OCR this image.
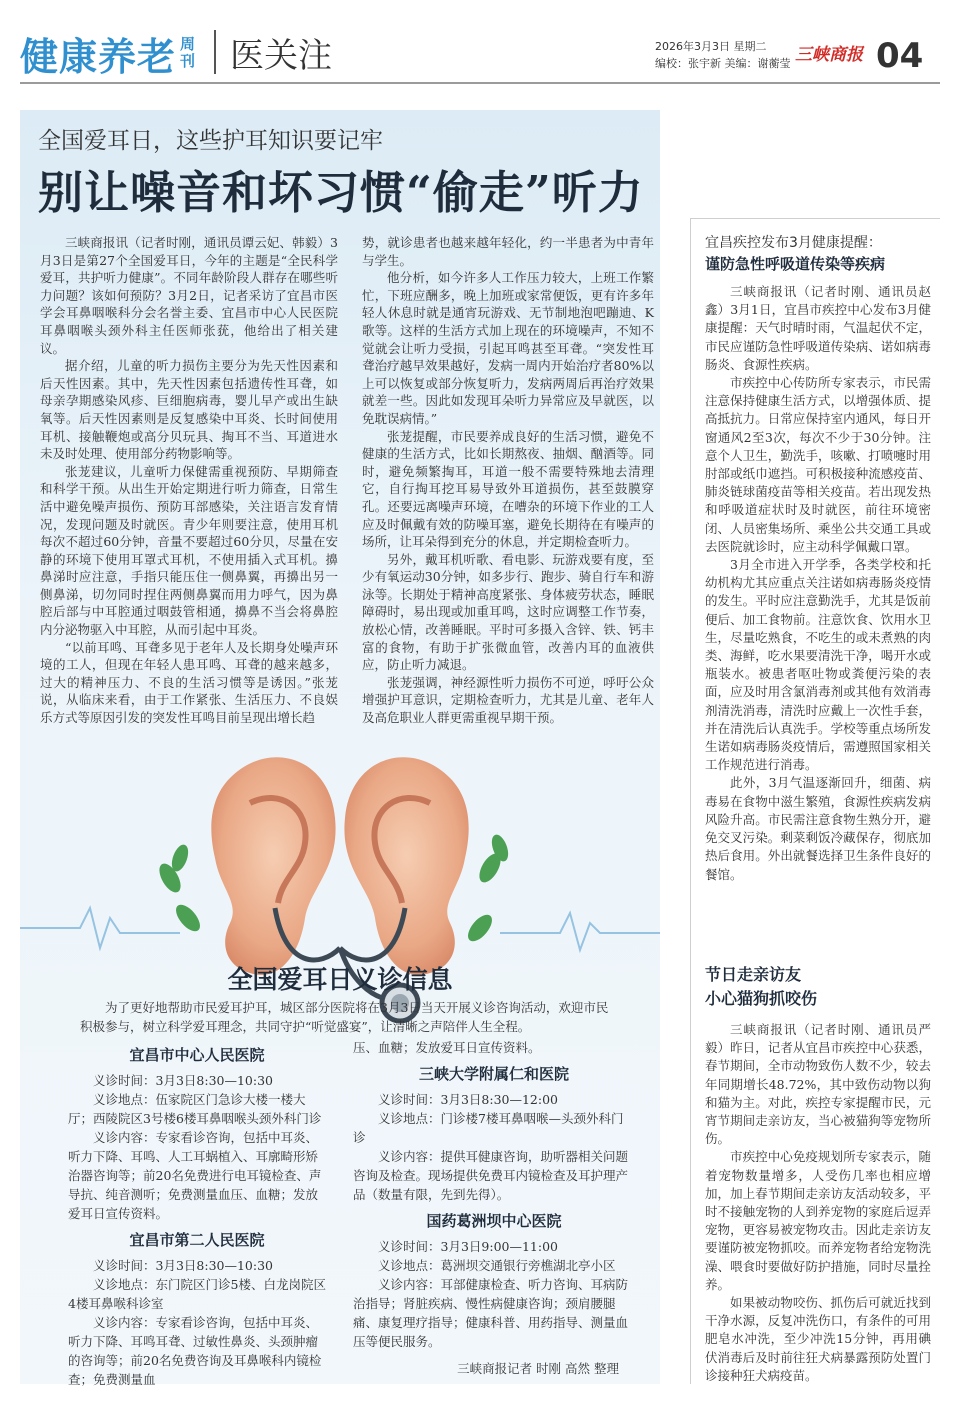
健康养老 周刊 医关注	2026年3月3日 星期二
编校：张宇新 美编：谢蘅莹 三峡商报 04
全国爱耳日，这些护耳知识要记牢
别让噪音和坏习惯“偷走”听力

三峡商报讯（记者时刚，通讯员谭云妃、韩毅）3月3日是第27个全国爱耳日，今年的主题是“全民科学爱耳，共护听力健康”。不同年龄阶段人群存在哪些听力问题？该如何预防？3月2日，记者采访了宜昌市医学会耳鼻咽喉科分会名誉主委、宜昌市中心人民医院耳鼻咽喉头颈外科主任医师张莸，他给出了相关建议。

据介绍，儿童的听力损伤主要分为先天性因素和后天性因素。其中，先天性因素包括遗传性耳聋，如母亲孕期感染风疹、巨细胞病毒，婴儿早产或出生缺氧等。后天性因素则是反复感染中耳炎、长时间使用耳机、接触鞭炮或高分贝玩具、掏耳不当、耳道进水未及时处理、使用部分药物影响等。

张茏建议，儿童听力保健需重视预防、早期筛查和科学干预。从出生开始定期进行听力筛查，日常生活中避免噪声损伤、预防耳部感染，关注语言发育情况，发现问题及时就医。青少年则要注意，使用耳机每次不超过60分钟，音量不要超过60分贝，尽量在安静的环境下使用耳罩式耳机，不使用插入式耳机。擤鼻涕时应注意，手指只能压住一侧鼻翼，再擤出另一侧鼻涕，切勿同时捏住两侧鼻翼而用力呼气，因为鼻腔后部与中耳腔通过咽鼓管相通，擤鼻不当会将鼻腔内分泌物驱入中耳腔，从而引起中耳炎。

“以前耳鸣、耳聋多见于老年人及长期身处噪声环境的工人，但现在年轻人患耳鸣、耳聋的越来越多，过大的精神压力、不良的生活习惯等是诱因。”张茏说，从临床来看，由于工作紧张、生活压力、不良娱乐方式等原因引发的突发性耳鸣目前呈现出增长趋

势，就诊患者也越来越年轻化，约一半患者为中青年与学生。

他分析，如今许多人工作压力较大，上班工作繁忙，下班应酬多，晚上加班或家常便饭，更有许多年轻人休息时就是通宵玩游戏、无节制地泡吧蹦迪、K歌等。这样的生活方式加上现在的环境噪声，不知不觉就会让听力受损，引起耳鸣甚至耳聋。“突发性耳聋治疗越早效果越好，发病一周内开始治疗者80%以上可以恢复或部分恢复听力，发病两周后再治疗效果就差一些。因此如发现耳朵听力异常应及早就医，以免耽误病情。”

张茏提醒，市民要养成良好的生活习惯，避免不健康的生活方式，比如长期熬夜、抽烟、酗酒等。同时，避免频繁掏耳，耳道一般不需要特殊地去清理它，自行掏耳挖耳易导致外耳道损伤，甚至鼓膜穿孔。还要远离噪声环境，在嘈杂的环境下作业的工人应及时佩戴有效的防噪耳塞，避免长期待在有噪声的场所，让耳朵得到充分的休息，并定期检查听力。

另外，戴耳机听歌、看电影、玩游戏要有度，至少有氧运动30分钟，如多步行、跑步、骑自行车和游泳等。长期处于精神高度紧张、身体疲劳状态，睡眠障碍时，易出现或加重耳鸣，这时应调整工作节奏，放松心情，改善睡眠。平时可多摄入含锌、铁、钙丰富的食物，有助于扩张微血管，改善内耳的血液供应，防止听力减退。

张茏强调，神经源性听力损伤不可逆，呼吁公众增强护耳意识，定期检查听力，尤其是儿童、老年人及高危职业人群更需重视早期干预。

全国爱耳日义诊信息

为了更好地帮助市民爱耳护耳，城区部分医院将在3月3日当天开展义诊咨询活动，欢迎市民积极参与，树立科学爱耳理念，共同守护“听觉盛宴”，让清晰之声陪伴人生全程。

宜昌市中心人民医院

义诊时间：3月3日8:30—10:30

义诊地点：伍家院区门急诊大楼一楼大厅；西陵院区3号楼6楼耳鼻咽喉头颈外科门诊

义诊内容：专家看诊咨询，包括中耳炎、听力下降、耳鸣、人工耳蜗植入、耳廓畸形矫治器咨询等；前20名免费进行电耳镜检查、声导抗、纯音测听；免费测量血压、血糖；发放爱耳日宣传资料。

宜昌市第二人民医院

义诊时间：3月3日8:30—10:30

义诊地点：东门院区门诊5楼、白龙岗院区4楼耳鼻喉科诊室

义诊内容：专家看诊咨询，包括中耳炎、听力下降、耳鸣耳聋、过敏性鼻炎、头颈肿瘤的咨询等；前20名免费咨询及耳鼻喉科内镜检查；免费测量血

压、血糖；发放爱耳日宣传资料。

三峡大学附属仁和医院

义诊时间：3月3日8:30—12:00

义诊地点：门诊楼7楼耳鼻咽喉—头颈外科门诊

义诊内容：提供耳健康咨询，助听器相关问题咨询及检查。现场提供免费耳内镜检查及耳护理产品（数量有限，先到先得）。

国药葛洲坝中心医院

义诊时间：3月3日9:00—11:00

义诊地点：葛洲坝交通银行旁樵湖北亭小区

义诊内容：耳部健康检查、听力咨询、耳病防治指导；肾脏疾病、慢性病健康咨询；颈肩腰腿痛、康复理疗指导；健康科普、用药指导、测量血压等便民服务。

三峡商报记者 时刚 高然 整理
宜昌疾控发布3月健康提醒：
谨防急性呼吸道传染等疾病

三峡商报讯（记者时刚、通讯员赵鑫）3月1日，宜昌市疾控中心发布3月健康提醒：天气时晴时雨，气温起伏不定，市民应谨防急性呼吸道传染病、诺如病毒肠炎、食源性疾病。

市疾控中心传防所专家表示，市民需注意保持健康生活方式，以增强体质、提高抵抗力。日常应保持室内通风，每日开窗通风2至3次，每次不少于30分钟。注意个人卫生，勤洗手，咳嗽、打喷嚏时用肘部或纸巾遮挡。可积极接种流感疫苗、肺炎链球菌疫苗等相关疫苗。若出现发热和呼吸道症状时及时就医，前往环境密闭、人员密集场所、乘坐公共交通工具或去医院就诊时，应主动科学佩戴口罩。

3月全市进入开学季，各类学校和托幼机构尤其应重点关注诺如病毒肠炎疫情的发生。平时应注意勤洗手，尤其是饭前便后、加工食物前。注意饮食、饮用水卫生，尽量吃熟食，不吃生的或未煮熟的肉类、海鲜，吃水果要清洗干净，喝开水或瓶装水。被患者呕吐物或粪便污染的表面，应及时用含氯消毒剂或其他有效消毒剂清洗消毒，清洗时应戴上一次性手套，并在清洗后认真洗手。学校等重点场所发生诺如病毒肠炎疫情后，需遵照国家相关工作规范进行消毒。

此外，3月气温逐渐回升，细菌、病毒易在食物中滋生繁殖，食源性疾病发病风险升高。市民需注意食物生熟分开，避免交叉污染。剩菜剩饭冷藏保存，彻底加热后食用。外出就餐选择卫生条件良好的餐馆。

节日走亲访友
小心猫狗抓咬伤

三峡商报讯（记者时刚、通讯员严毅）昨日，记者从宜昌市疾控中心获悉，春节期间，全市动物致伤人数不少，较去年同期增长48.72%，其中致伤动物以狗和猫为主。对此，疾控专家提醒市民，元宵节期间走亲访友，当心被猫狗等宠物所伤。

市疾控中心免疫规划所专家表示，随着宠物数量增多，人受伤几率也相应增加，加上春节期间走亲访友活动较多，平时不接触宠物的人到养宠物的家庭后逗弄宠物，更容易被宠物攻击。因此走亲访友要谨防被宠物抓咬。而养宠物者给宠物洗澡、喂食时要做好防护措施，同时尽量拴养。

如果被动物咬伤、抓伤后可就近找到干净水源，反复冲洗伤口，有条件的可用肥皂水冲洗，至少冲洗15分钟，再用碘伏消毒后及时前往狂犬病暴露预防处置门诊接种狂犬病疫苗。
